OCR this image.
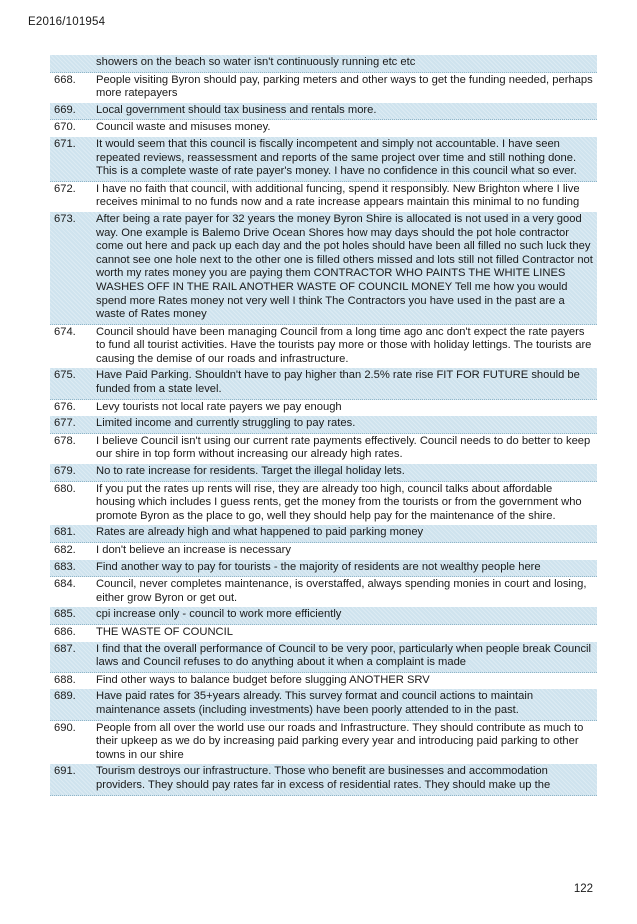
E2016/101954
showers on the beach so water isn't continuously running etc etc
668.	People visiting Byron should pay, parking meters and other ways to get the funding needed, perhaps more ratepayers
669.	Local government should tax business and rentals more.
670.	Council waste and misuses money.
671.	It would seem that this council is fiscally incompetent and simply not accountable. I have seen repeated reviews, reassessment and reports of the same project over time and still nothing done. This is a complete waste of rate payer's money. I have no confidence in this council what so ever.
672.	I have no faith that council, with additional funcing, spend it responsibly. New Brighton where I live receives minimal to no funds now and a rate increase appears maintain this minimal to no funding
673.	After being a rate payer for 32 years the money Byron Shire is allocated is not used in a very good way. One example is Balemo Drive Ocean Shores how may days should the pot hole contractor come out here and pack up each day and the pot holes should have been all filled no such luck they cannot see one hole next to the other one is filled others missed and lots still not filled Contractor not worth my rates money you are paying them CONTRACTOR WHO PAINTS THE WHITE LINES WASHES OFF IN THE RAIL ANOTHER WASTE OF COUNCIL MONEY Tell me how you would spend more Rates money not very well I think The Contractors you have used in the past are a waste of Rates money
674.	Council should have been managing Council from a long time ago anc don't expect the rate payers to fund all tourist activities. Have the tourists pay more or those with holiday lettings. The tourists are causing the demise of our roads and infrastructure.
675.	Have Paid Parking. Shouldn't have to pay higher than 2.5% rate rise FIT FOR FUTURE should be funded from a state level.
676.	Levy tourists not local rate payers we pay enough
677.	Limited income and currently struggling to pay rates.
678.	I believe Council isn't using our current rate payments effectively. Council needs to do better to keep our shire in top form without increasing our already high rates.
679.	No to rate increase for residents. Target the illegal holiday lets.
680.	If you put the rates up rents will rise, they are already too high, council talks about affordable housing which includes I guess rents, get the money from the tourists or from the government who promote Byron as the place to go, well they should help pay for the maintenance of the shire.
681.	Rates are already high and what happened to paid parking money
682.	I don't believe an increase is necessary
683.	Find another way to pay for tourists - the majority of residents are not wealthy people here
684.	Council, never completes maintenance, is overstaffed, always spending monies in court and losing, either grow Byron or get out.
685.	cpi increase only - council to work more efficiently
686.	THE WASTE OF COUNCIL
687.	I find that the overall performance of Council to be very poor, particularly when people break Council laws and Council refuses to do anything about it when a complaint is made
688.	Find other ways to balance budget before slugging ANOTHER SRV
689.	Have paid rates for 35+years already. This survey format and council actions to maintain maintenance assets (including investments) have been poorly attended to in the past.
690.	People from all over the world use our roads and Infrastructure. They should contribute as much to their upkeep as we do by increasing paid parking every year and introducing paid parking to other towns in our shire
691.	Tourism destroys our infrastructure. Those who benefit are businesses and accommodation providers. They should pay rates far in excess of residential rates. They should make up the
122
